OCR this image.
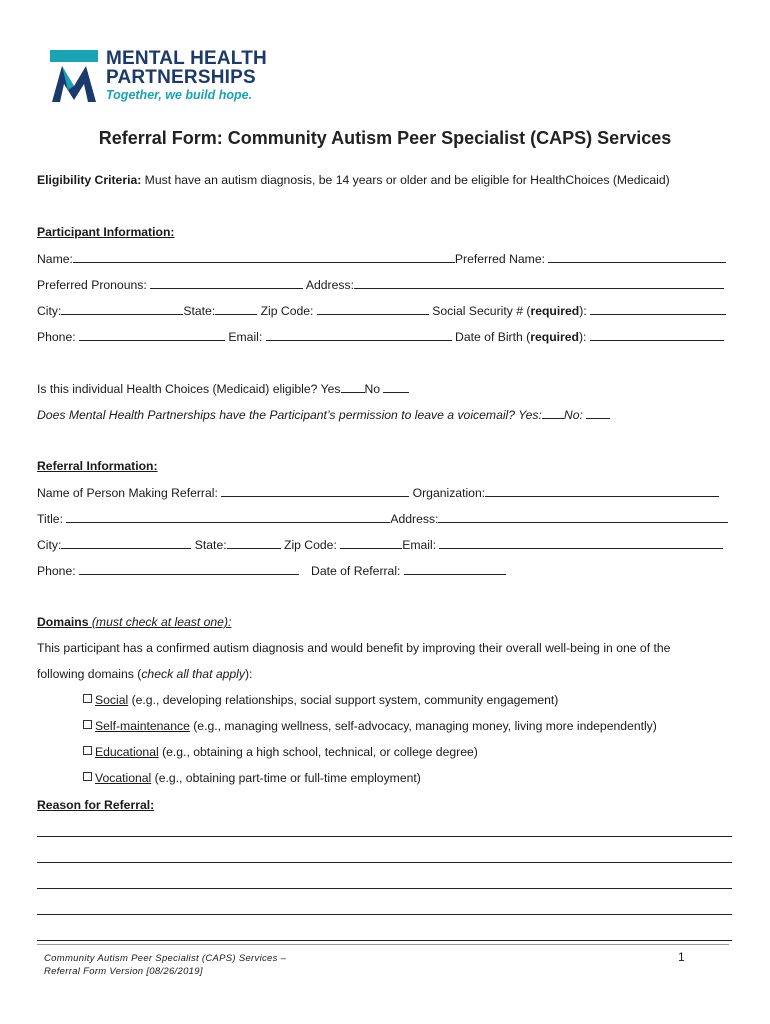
MENTAL HEALTH
PARTNERSHIPS
Together, we build hope.
Referral Form: Community Autism Peer Specialist (CAPS) Services
Eligibility Criteria: Must have an autism diagnosis, be 14 years or older and be eligible for HealthChoices (Medicaid)
Participant Information:
Name:	Preferred Name:
Preferred Pronouns:	Address:
City:	State:	Zip Code:	Social Security # (required):
Phone:	Email:	Date of Birth (required):
Is this individual Health Choices (Medicaid) eligible? Yes No
Does Mental Health Partnerships have the Participant’s permission to leave a voicemail? Yes: No:
Referral Information:
Name of Person Making Referral:	Organization:
Title:	Address:
City:	State:	Zip Code:	Email:
Phone:	Date of Referral:
Domains (must check at least one):
This participant has a confirmed autism diagnosis and would benefit by improving their overall well-being in one of the
following domains (check all that apply):
Social (e.g., developing relationships, social support system, community engagement)
Self-maintenance (e.g., managing wellness, self-advocacy, managing money, living more independently)
Educational (e.g., obtaining a high school, technical, or college degree)
Vocational (e.g., obtaining part-time or full-time employment)
Reason for Referral:
Community Autism Peer Specialist (CAPS) Services –
Referral Form Version [08/26/2019]
1
